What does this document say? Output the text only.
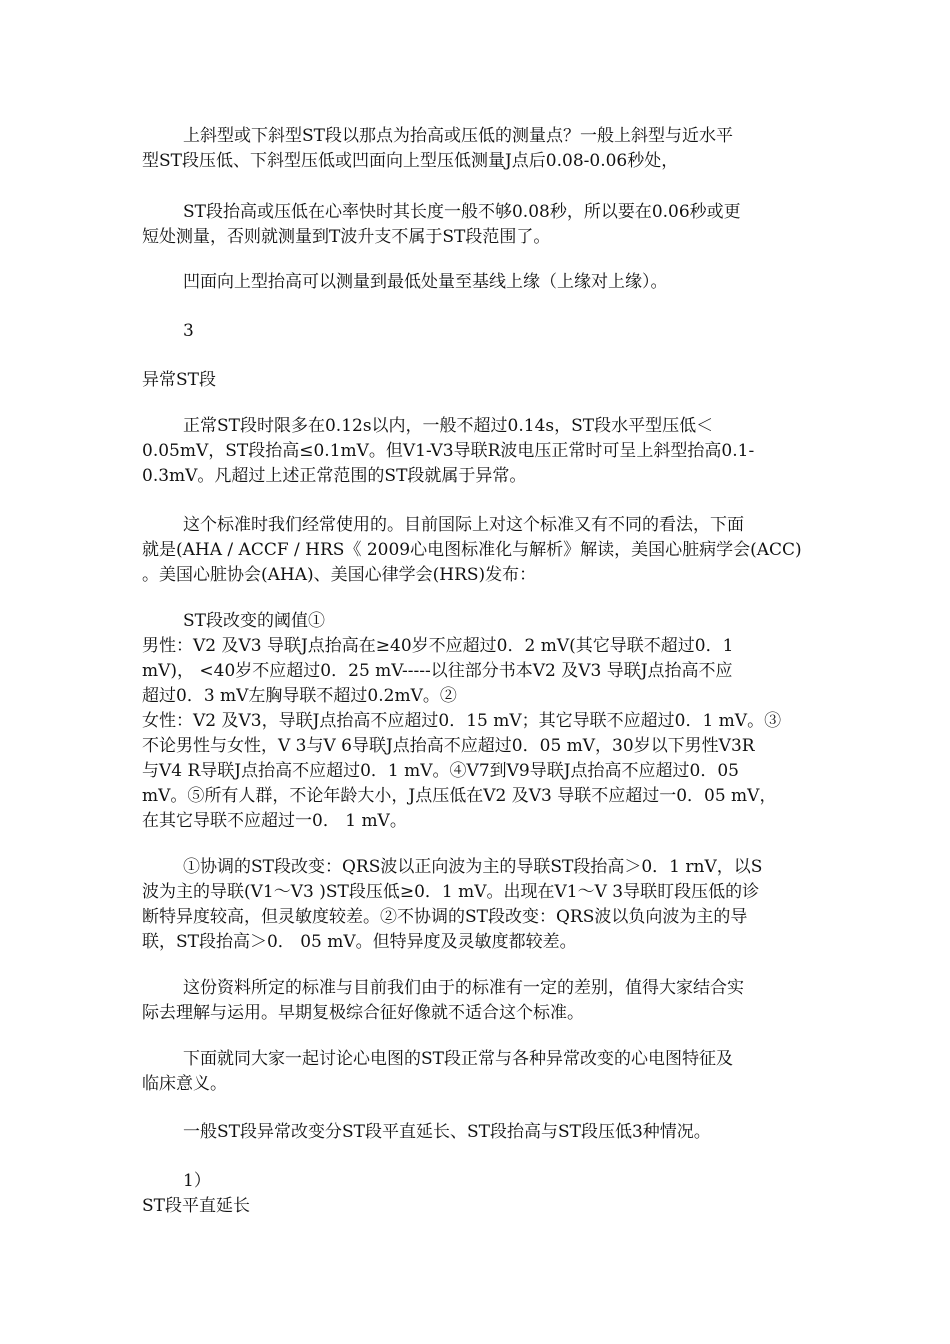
上斜型或下斜型ST段以那点为抬高或压低的测量点？一般上斜型与近水平
型ST段压低、下斜型压低或凹面向上型压低测量J点后0.08-0.06秒处，
ST段抬高或压低在心率快时其长度一般不够0.08秒，所以要在0.06秒或更
短处测量，否则就测量到T波升支不属于ST段范围了。
凹面向上型抬高可以测量到最低处量至基线上缘（上缘对上缘）。
3
异常ST段
正常ST段时限多在0.12s以内，一般不超过0.14s，ST段水平型压低＜
0.05mV，ST段抬高≤0.1mV。但V1-V3导联R波电压正常时可呈上斜型抬高0.1-
0.3mV。凡超过上述正常范围的ST段就属于异常。
这个标准时我们经常使用的。目前国际上对这个标准又有不同的看法，下面
就是(AHA / ACCF / HRS《 2009心电图标准化与解析》解读，美国心脏病学会(ACC)
。美国心脏协会(AHA)、美国心律学会(HRS)发布：
ST段改变的阈值①
男性：V2 及V3 导联J点抬高在≥40岁不应超过0．2 mV(其它导联不超过0．1
mV)， <40岁不应超过0．25 mV-----以往部分书本V2 及V3 导联J点抬高不应
超过0．3 mV左胸导联不超过0.2mV。②
女性：V2 及V3，导联J点抬高不应超过0．15 mV；其它导联不应超过0．1 mV。③
不论男性与女性，V 3与V 6导联J点抬高不应超过0．05 mV，30岁以下男性V3R
与V4 R导联J点抬高不应超过0．1 mV。④V7到V9导联J点抬高不应超过0．05
mV。⑤所有人群，不论年龄大小，J点压低在V2 及V3 导联不应超过一0．05 mV，
在其它导联不应超过一0． 1 mV。
①协调的ST段改变：QRS波以正向波为主的导联ST段抬高＞0．1 rnV，以S
波为主的导联(V1～V3 )ST段压低≥0．1 mV。出现在V1～V 3导联盯段压低的诊
断特异度较高，但灵敏度较差。②不协调的ST段改变：QRS波以负向波为主的导
联，ST段抬高＞0． 05 mV。但特异度及灵敏度都较差。
这份资料所定的标准与目前我们由于的标准有一定的差别，值得大家结合实
际去理解与运用。早期复极综合征好像就不适合这个标准。
下面就同大家一起讨论心电图的ST段正常与各种异常改变的心电图特征及
临床意义。
一般ST段异常改变分ST段平直延长、ST段抬高与ST段压低3种情况。
1）
ST段平直延长
